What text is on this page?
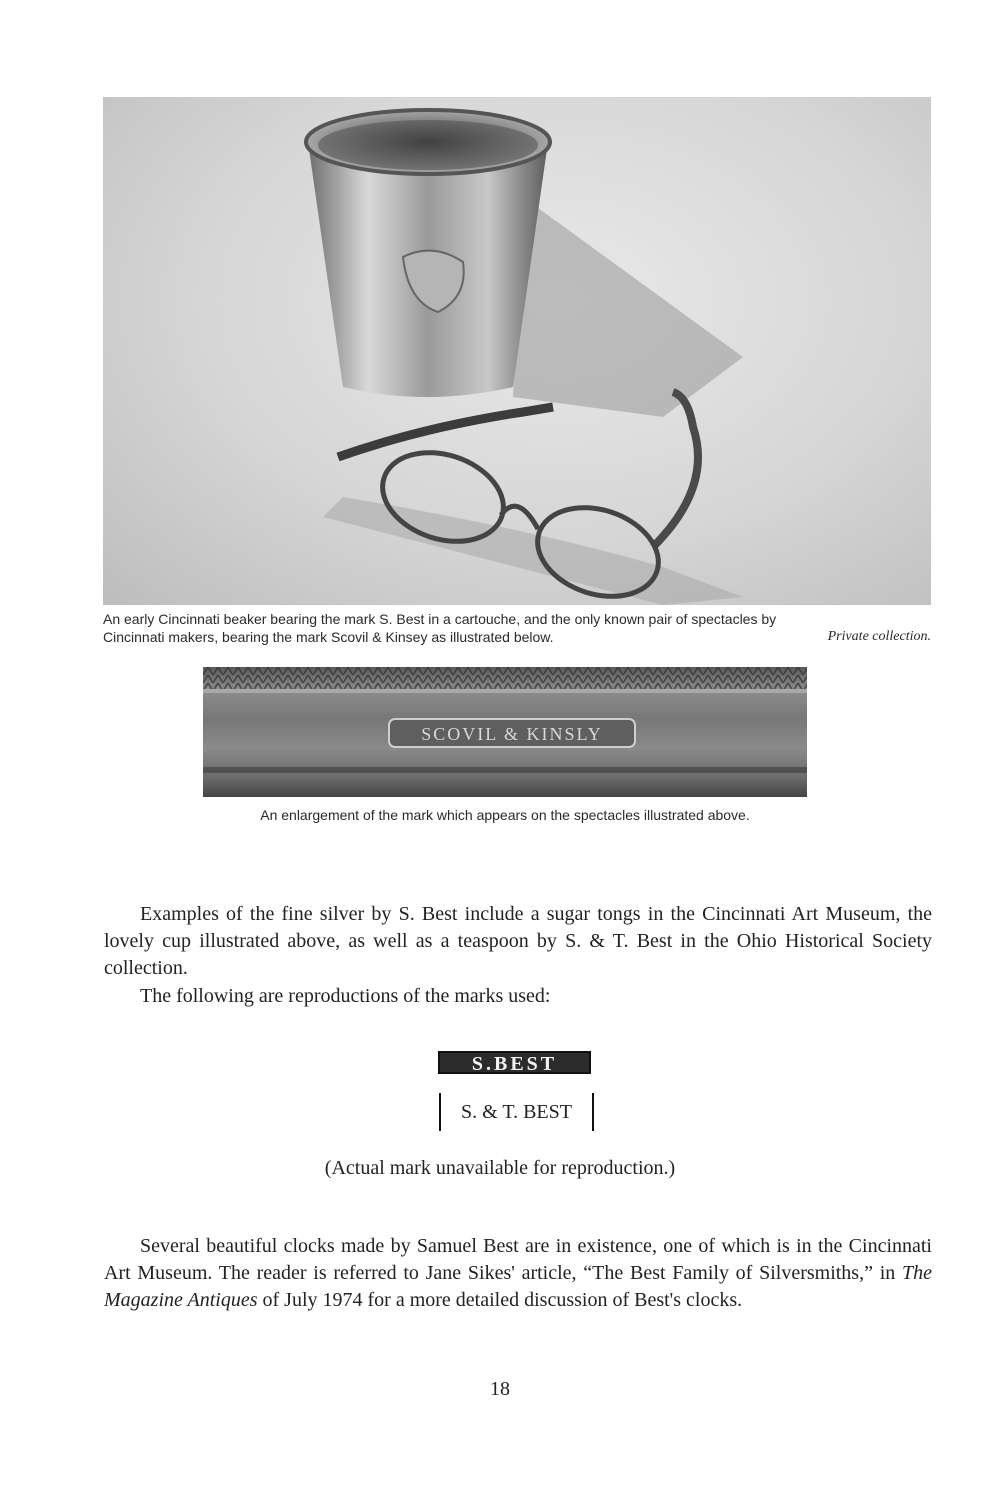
An early Cincinnati beaker bearing the mark S. Best in a cartouche, and the only known pair of spectacles by
Cincinnati makers, bearing the mark Scovil & Kinsey as illustrated below.	Private collection.
SCOVIL & KINSLY

An enlargement of the mark which appears on the spectacles illustrated above.

Examples of the fine silver by S. Best include a sugar tongs in the Cincinnati Art Museum, the lovely cup illustrated above, as well as a teaspoon by S. & T. Best in the Ohio Historical Society collection.

The following are reproductions of the marks used:

S.BEST
S. & T. BEST

(Actual mark unavailable for reproduction.)

Several beautiful clocks made by Samuel Best are in existence, one of which is in the Cincinnati Art Museum. The reader is referred to Jane Sikes' article, “The Best Family of Silversmiths,” in The Magazine Antiques of July 1974 for a more detailed discussion of Best's clocks.

18
